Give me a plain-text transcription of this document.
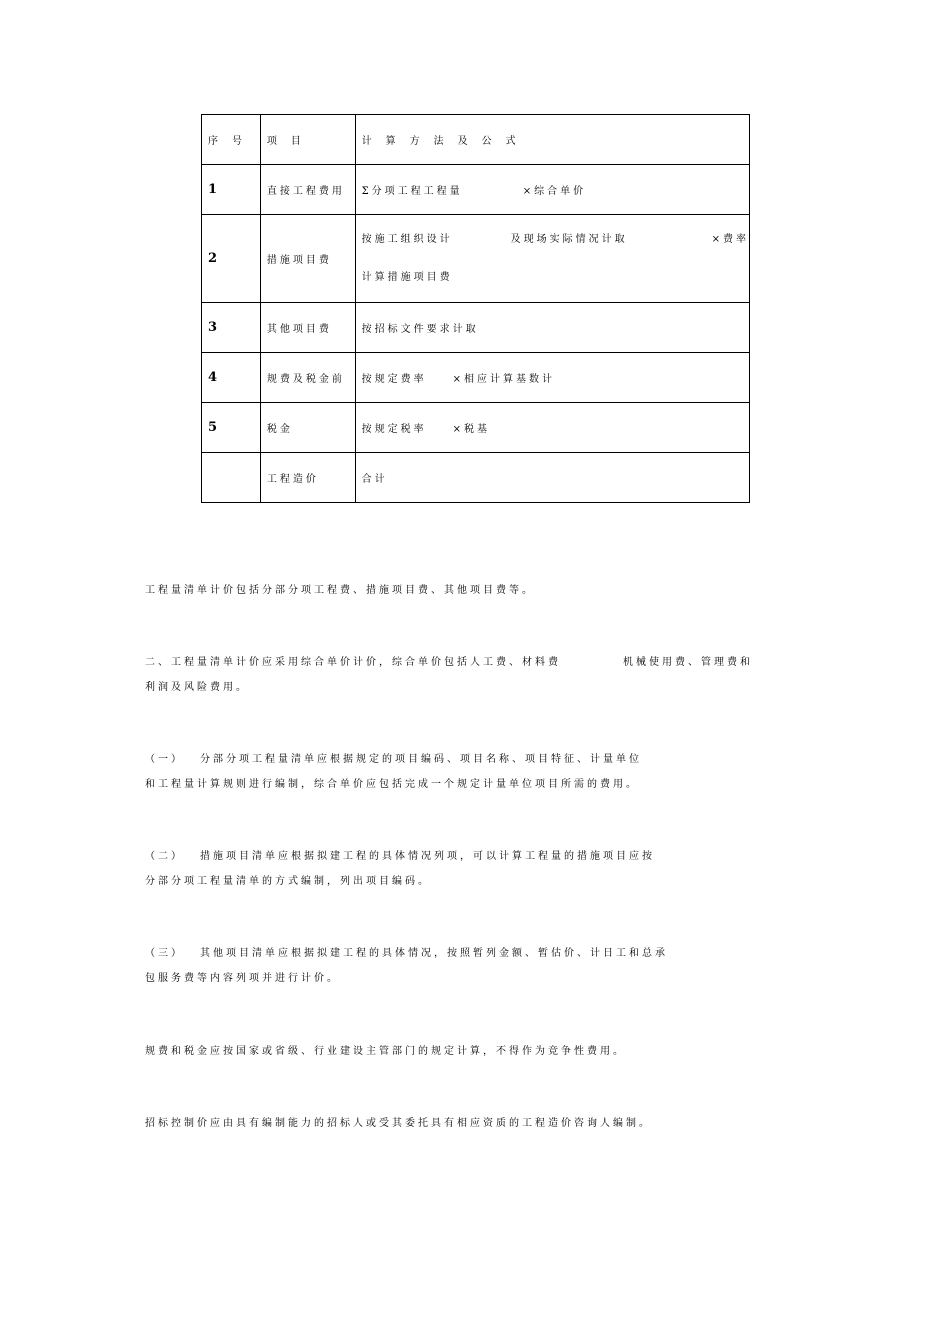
序号	项目	计算方法及公式
1	直接工程费用	Σ分项工程工程量 ×综合单价
2	措施项目费	按施工组织设计 及现场实际情况计取 ×费率
计算措施项目费

3	其他项目费	按招标文件要求计取
4	规费及税金前	按规定费率 ×相应计算基数计
5	税金	按规定税率 ×税基
	工程造价	合计
工程量清单计价包括分部分项工程费、措施项目费、其他项目费等。
二、工程量清单计价应采用综合单价计价，综合单价包括人工费、材料费	机械使用费、管理费和
利润及风险费用。
（一） 分部分项工程量清单应根据规定的项目编码、项目名称、项目特征、计量单位
和工程量计算规则进行编制，综合单价应包括完成一个规定计量单位项目所需的费用。
（二） 措施项目清单应根据拟建工程的具体情况列项，可以计算工程量的措施项目应按
分部分项工程量清单的方式编制，列出项目编码。
（三） 其他项目清单应根据拟建工程的具体情况，按照暂列金额、暂估价、计日工和总承
包服务费等内容列项并进行计价。
规费和税金应按国家或省级、行业建设主管部门的规定计算，不得作为竞争性费用。
招标控制价应由具有编制能力的招标人或受其委托具有相应资质的工程造价咨询人编制。
